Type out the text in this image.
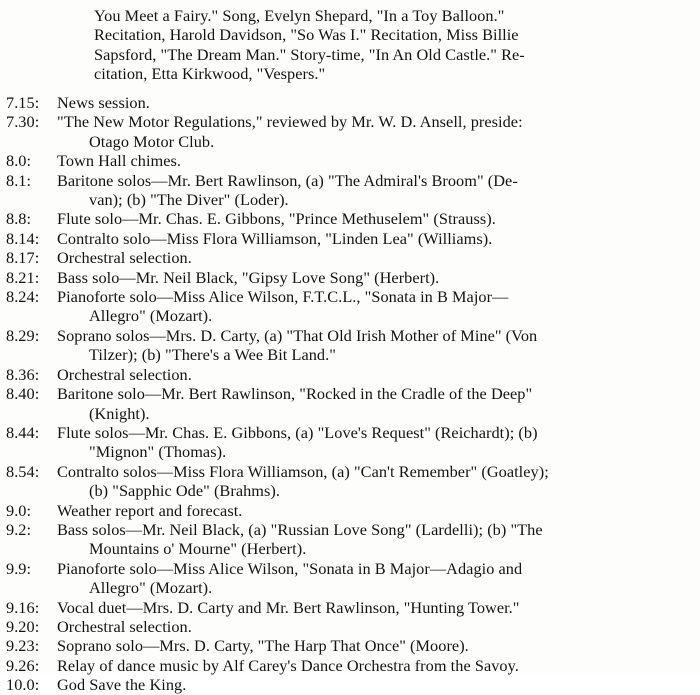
You Meet a Fairy." Song, Evelyn Shepard, "In a Toy Balloon."
Recitation, Harold Davidson, "So Was I." Recitation, Miss Billie
Sapsford, "The Dream Man." Story-time, "In An Old Castle." Re-
citation, Etta Kirkwood, "Vespers."

7.15: News session.
7.30: "The New Motor Regulations," reviewed by Mr. W. D. Ansell, preside:
Otago Motor Club.
8.0: Town Hall chimes.
8.1: Baritone solos—Mr. Bert Rawlinson, (a) "The Admiral's Broom" (De-
van); (b) "The Diver" (Loder).
8.8: Flute solo—Mr. Chas. E. Gibbons, "Prince Methuselem" (Strauss).
8.14: Contralto solo—Miss Flora Williamson, "Linden Lea" (Williams).
8.17: Orchestral selection.
8.21: Bass solo—Mr. Neil Black, "Gipsy Love Song" (Herbert).
8.24: Pianoforte solo—Miss Alice Wilson, F.T.C.L., "Sonata in B Major—
Allegro" (Mozart).
8.29: Soprano solos—Mrs. D. Carty, (a) "That Old Irish Mother of Mine" (Von
Tilzer); (b) "There's a Wee Bit Land."
8.36: Orchestral selection.
8.40: Baritone solo—Mr. Bert Rawlinson, "Rocked in the Cradle of the Deep"
(Knight).
8.44: Flute solos—Mr. Chas. E. Gibbons, (a) "Love's Request" (Reichardt); (b)
"Mignon" (Thomas).
8.54: Contralto solos—Miss Flora Williamson, (a) "Can't Remember" (Goatley);
(b) "Sapphic Ode" (Brahms).
9.0: Weather report and forecast.
9.2: Bass solos—Mr. Neil Black, (a) "Russian Love Song" (Lardelli); (b) "The
Mountains o' Mourne" (Herbert).
9.9: Pianoforte solo—Miss Alice Wilson, "Sonata in B Major—Adagio and
Allegro" (Mozart).
9.16: Vocal duet—Mrs. D. Carty and Mr. Bert Rawlinson, "Hunting Tower."
9.20: Orchestral selection.
9.23: Soprano solo—Mrs. D. Carty, "The Harp That Once" (Moore).
9.26: Relay of dance music by Alf Carey's Dance Orchestra from the Savoy.
10.0: God Save the King.
